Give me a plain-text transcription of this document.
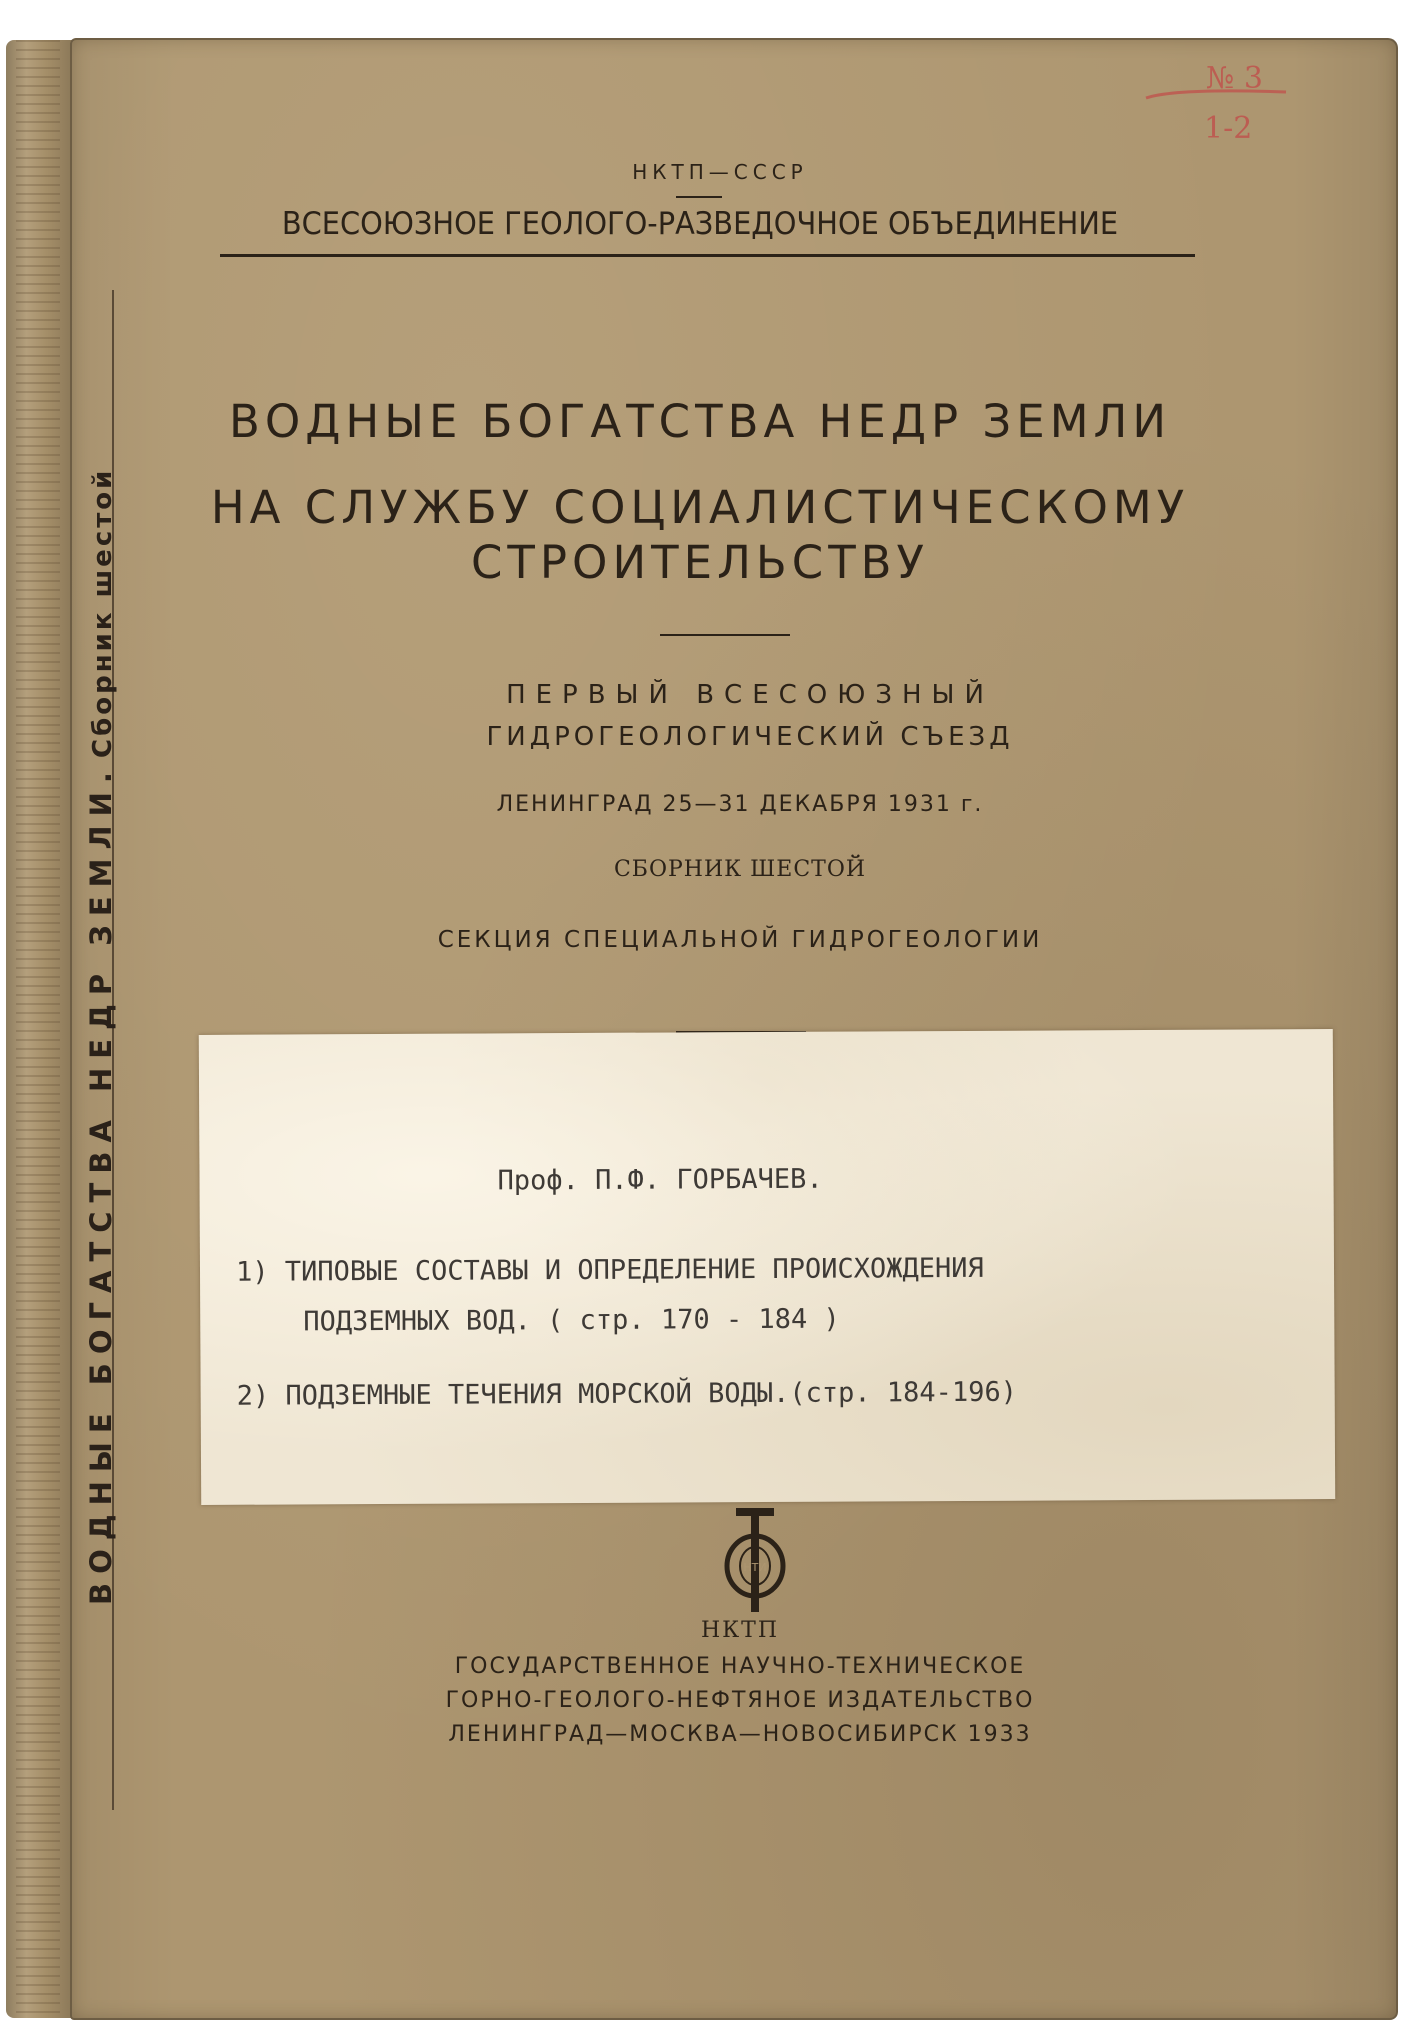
ВОДНЫЕ БОГАТСТВА НЕДР ЗЕМЛИ. Сборник шестой
№ 3
1-2
НКТП—СССР
ВСЕСОЮЗНОЕ ГЕОЛОГО-РАЗВЕДОЧНОЕ ОБЪЕДИНЕНИЕ
ВОДНЫЕ БОГАТСТВА НЕДР ЗЕМЛИ
НА СЛУЖБУ СОЦИАЛИСТИЧЕСКОМУ
СТРОИТЕЛЬСТВУ
ПЕРВЫЙ ВСЕСОЮЗНЫЙ
ГИДРОГЕОЛОГИЧЕСКИЙ СЪЕЗД
ЛЕНИНГРАД 25—31 ДЕКАБРЯ 1931 г.
СБОРНИК ШЕСТОЙ
СЕКЦИЯ СПЕЦИАЛЬНОЙ ГИДРОГЕОЛОГИИ
Проф. П.Ф. ГОРБАЧЕВ.
1) ТИПОВЫЕ СОСТАВЫ И ОПРЕДЕЛЕНИЕ ПРОИСХОЖДЕНИЯ
ПОДЗЕМНЫХ ВОД. ( стр. 170 - 184 )
2) ПОДЗЕМНЫЕ ТЕЧЕНИЯ МОРСКОЙ ВОДЫ.(стр. 184-196)
НТИ
НКТП
ГОСУДАРСТВЕННОЕ НАУЧНО-ТЕХНИЧЕСКОЕ
ГОРНО-ГЕОЛОГО-НЕФТЯНОЕ ИЗДАТЕЛЬСТВО
ЛЕНИНГРАД—МОСКВА—НОВОСИБИРСК 1933
